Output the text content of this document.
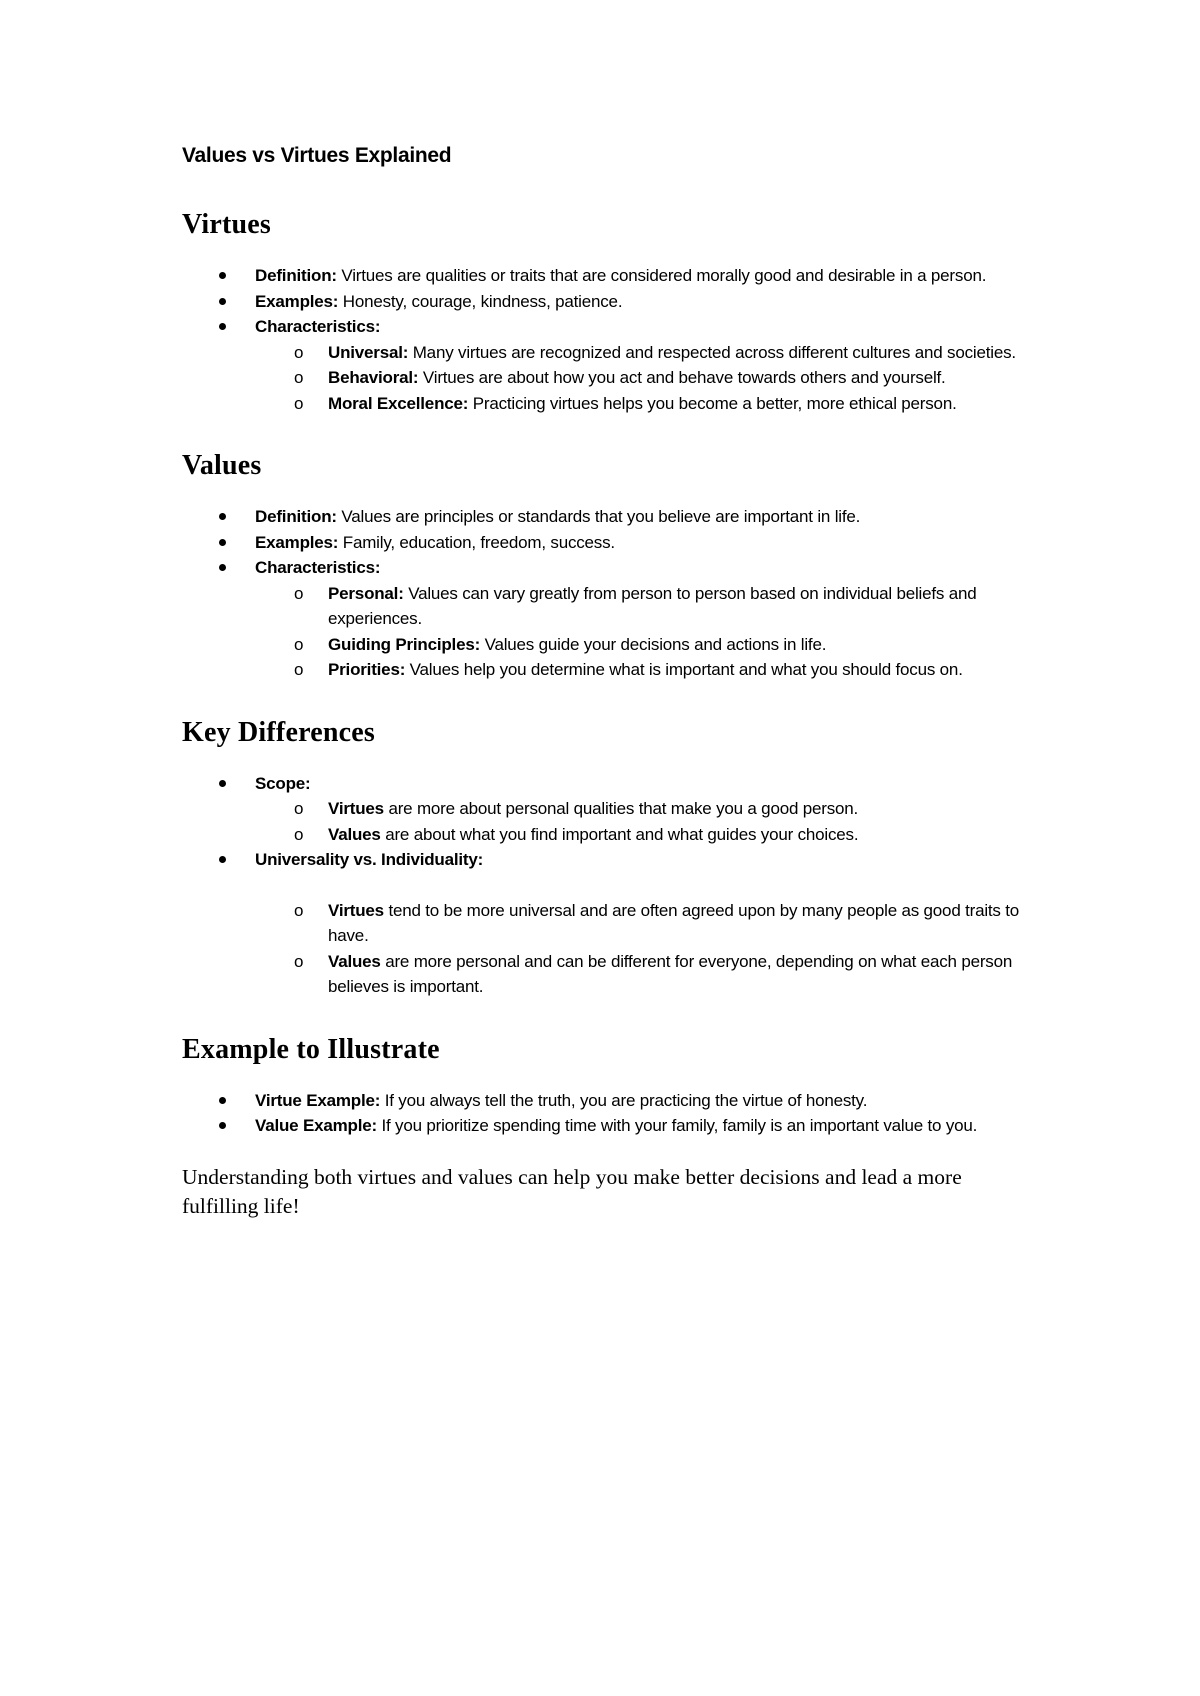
Values vs Virtues Explained
Virtues
Definition: Virtues are qualities or traits that are considered morally good and desirable in a person.
Examples: Honesty, courage, kindness, patience.
Characteristics:
o Universal: Many virtues are recognized and respected across different cultures and societies.
o Behavioral: Virtues are about how you act and behave towards others and yourself.
o Moral Excellence: Practicing virtues helps you become a better, more ethical person.
Values
Definition: Values are principles or standards that you believe are important in life.
Examples: Family, education, freedom, success.
Characteristics:
o Personal: Values can vary greatly from person to person based on individual beliefs and experiences.
o Guiding Principles: Values guide your decisions and actions in life.
o Priorities: Values help you determine what is important and what you should focus on.
Key Differences
Scope:
o Virtues are more about personal qualities that make you a good person.
o Values are about what you find important and what guides your choices.
Universality vs. Individuality:
o Virtues tend to be more universal and are often agreed upon by many people as good traits to have.
o Values are more personal and can be different for everyone, depending on what each person believes is important.
Example to Illustrate
Virtue Example: If you always tell the truth, you are practicing the virtue of honesty.
Value Example: If you prioritize spending time with your family, family is an important value to you.

Understanding both virtues and values can help you make better decisions and lead a more fulfilling life!
